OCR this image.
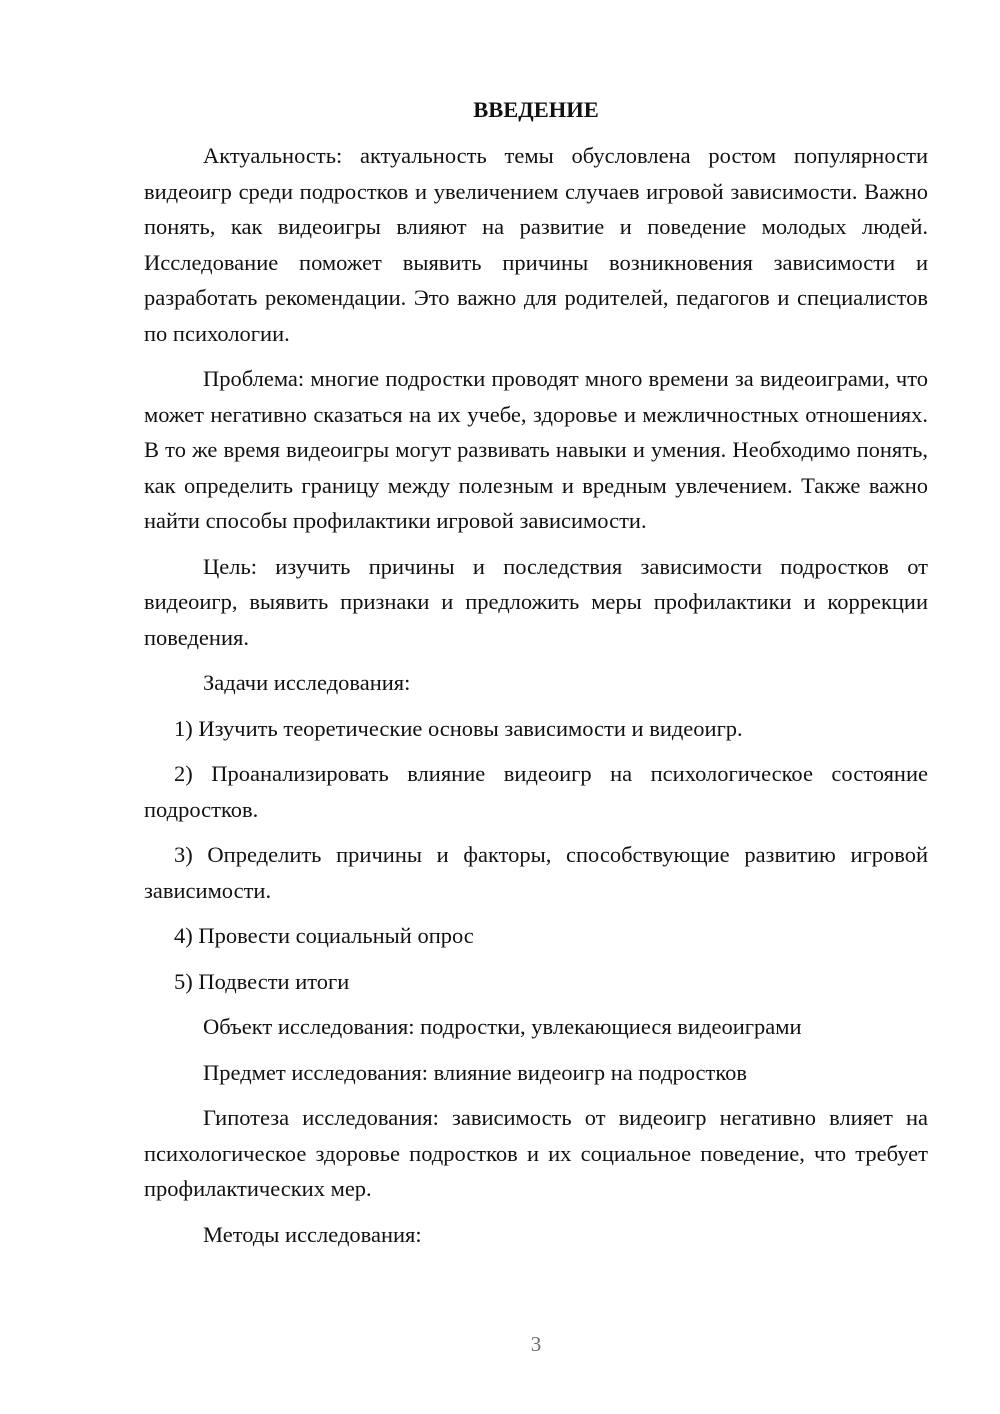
ВВЕДЕНИЕ

Актуальность: актуальность темы обусловлена ростом популярности видеоигр среди подростков и увеличением случаев игровой зависимости. Важно понять, как видеоигры влияют на развитие и поведение молодых людей. Исследование поможет выявить причины возникновения зависимости и разработать рекомендации. Это важно для родителей, педагогов и специалистов по психологии.

Проблема: многие подростки проводят много времени за видеоиграми, что может негативно сказаться на их учебе, здоровье и межличностных отношениях. В то же время видеоигры могут развивать навыки и умения. Необходимо понять, как определить границу между полезным и вредным увлечением. Также важно найти способы профилактики игровой зависимости.

Цель: изучить причины и последствия зависимости подростков от видеоигр, выявить признаки и предложить меры профилактики и коррекции поведения.

Задачи исследования:

1) Изучить теоретические основы зависимости и видеоигр.

2) Проанализировать влияние видеоигр на психологическое состояние подростков.

3) Определить причины и факторы, способствующие развитию игровой зависимости.

4) Провести социальный опрос

5) Подвести итоги

Объект исследования: подростки, увлекающиеся видеоиграми

Предмет исследования: влияние видеоигр на подростков

Гипотеза исследования: зависимость от видеоигр негативно влияет на психологическое здоровье подростков и их социальное поведение, что требует профилактических мер.

Методы исследования:

3
